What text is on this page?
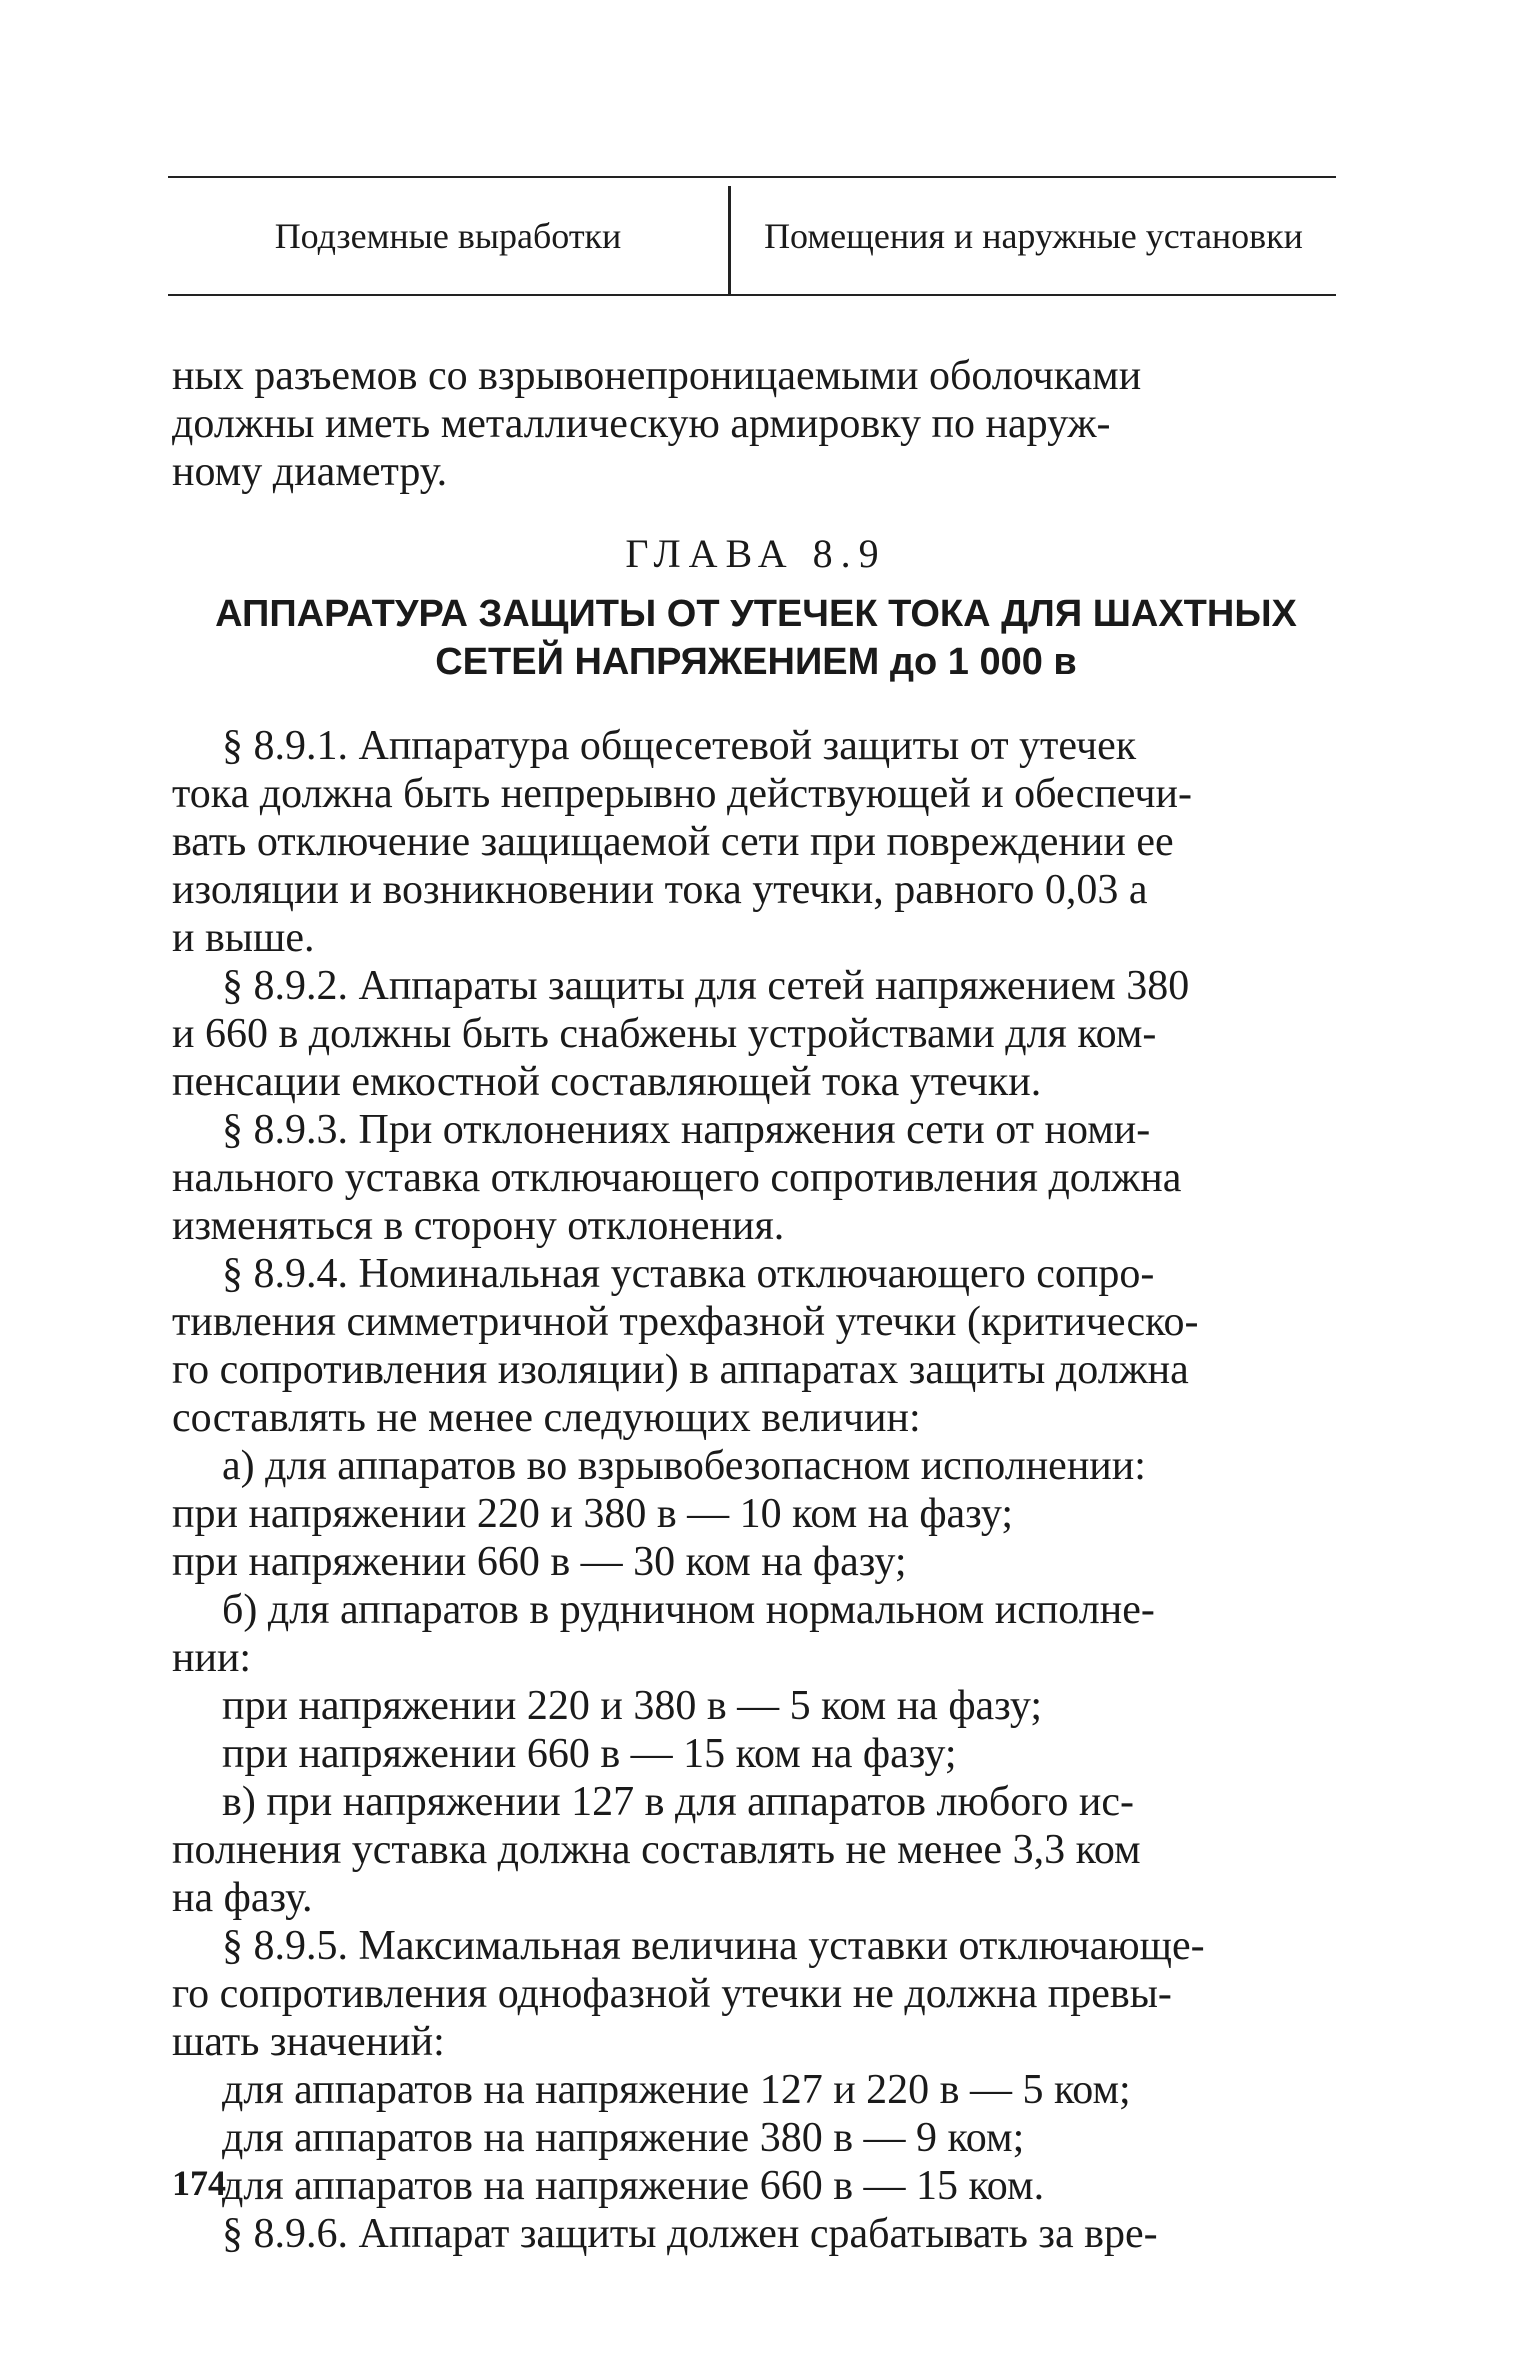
Подземные выработки	Помещения и наружные установки
ных разъемов со взрывонепроницаемыми оболочками
должны иметь металлическую армировку по наруж-
ному диаметру.
ГЛАВА 8.9
АППАРАТУРА ЗАЩИТЫ ОТ УТЕЧЕК ТОКА ДЛЯ ШАХТНЫХ
СЕТЕЙ НАПРЯЖЕНИЕМ до 1 000 в
§ 8.9.1. Аппаратура общесетевой защиты от утечек
тока должна быть непрерывно действующей и обеспечи-
вать отключение защищаемой сети при повреждении ее
изоляции и возникновении тока утечки, равного 0,03 а
и выше.
§ 8.9.2. Аппараты защиты для сетей напряжением 380
и 660 в должны быть снабжены устройствами для ком-
пенсации емкостной составляющей тока утечки.
§ 8.9.3. При отклонениях напряжения сети от номи-
нального уставка отключающего сопротивления должна
изменяться в сторону отклонения.
§ 8.9.4. Номинальная уставка отключающего сопро-
тивления симметричной трехфазной утечки (критическо-
го сопротивления изоляции) в аппаратах защиты должна
составлять не менее следующих величин:
а) для аппаратов во взрывобезопасном исполнении:
при напряжении 220 и 380 в — 10 ком на фазу;
при напряжении 660 в — 30 ком на фазу;
б) для аппаратов в рудничном нормальном исполне-
нии:
при напряжении 220 и 380 в — 5 ком на фазу;
при напряжении 660 в — 15 ком на фазу;
в) при напряжении 127 в для аппаратов любого ис-
полнения уставка должна составлять не менее 3,3 ком
на фазу.
§ 8.9.5. Максимальная величина уставки отключающе-
го сопротивления однофазной утечки не должна превы-
шать значений:
для аппаратов на напряжение 127 и 220 в — 5 ком;
для аппаратов на напряжение 380 в — 9 ком;
для аппаратов на напряжение 660 в — 15 ком.
§ 8.9.6. Аппарат защиты должен срабатывать за вре-
174
